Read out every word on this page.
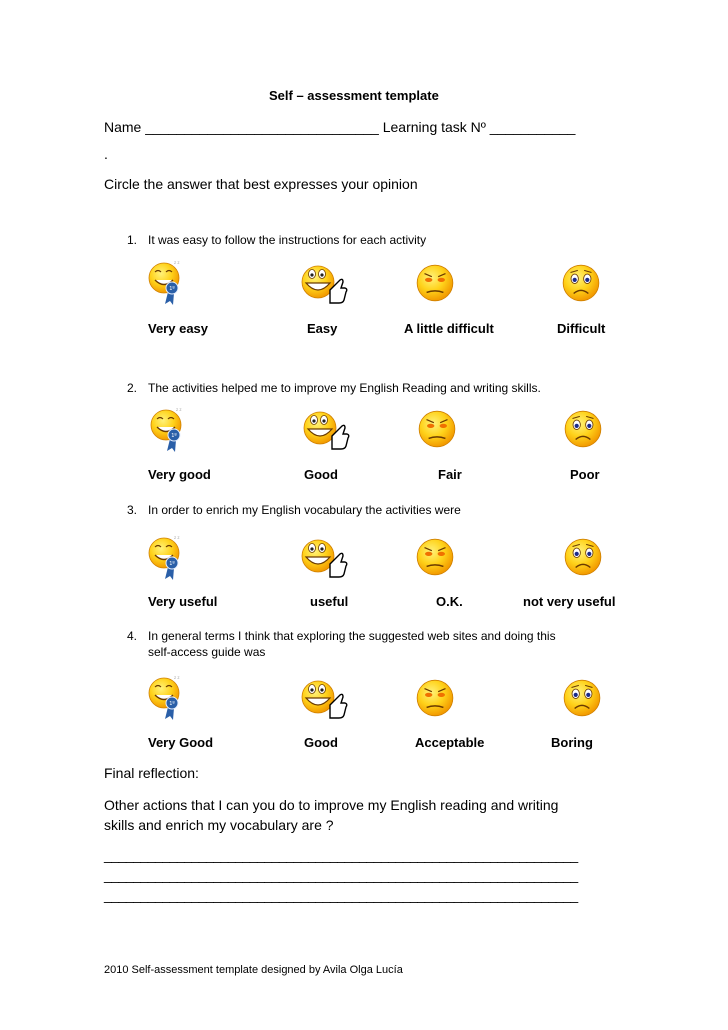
Self – assessment template
Name ______________________________ Learning task Nº ___________
.
Circle the answer that best expresses your opinion
1. It was easy to follow the instructions for each activity
Very easy	Easy	A little difficult	Difficult
2. The activities helped me to improve my English Reading and writing skills.
Very good	Good	Fair	Poor
3. In order to enrich my English vocabulary the activities were
Very useful	useful	O.K.	not very useful
4. In general terms I think that exploring the suggested web sites and doing this
self-access guide was
Very Good	Good	Acceptable	Boring
Final reflection:
Other actions that I can you do to improve my English reading and writing
skills and enrich my vocabulary are ?
_________________________________________________________________
_________________________________________________________________
_________________________________________________________________
2010 Self-assessment template designed by Avila Olga Lucía
